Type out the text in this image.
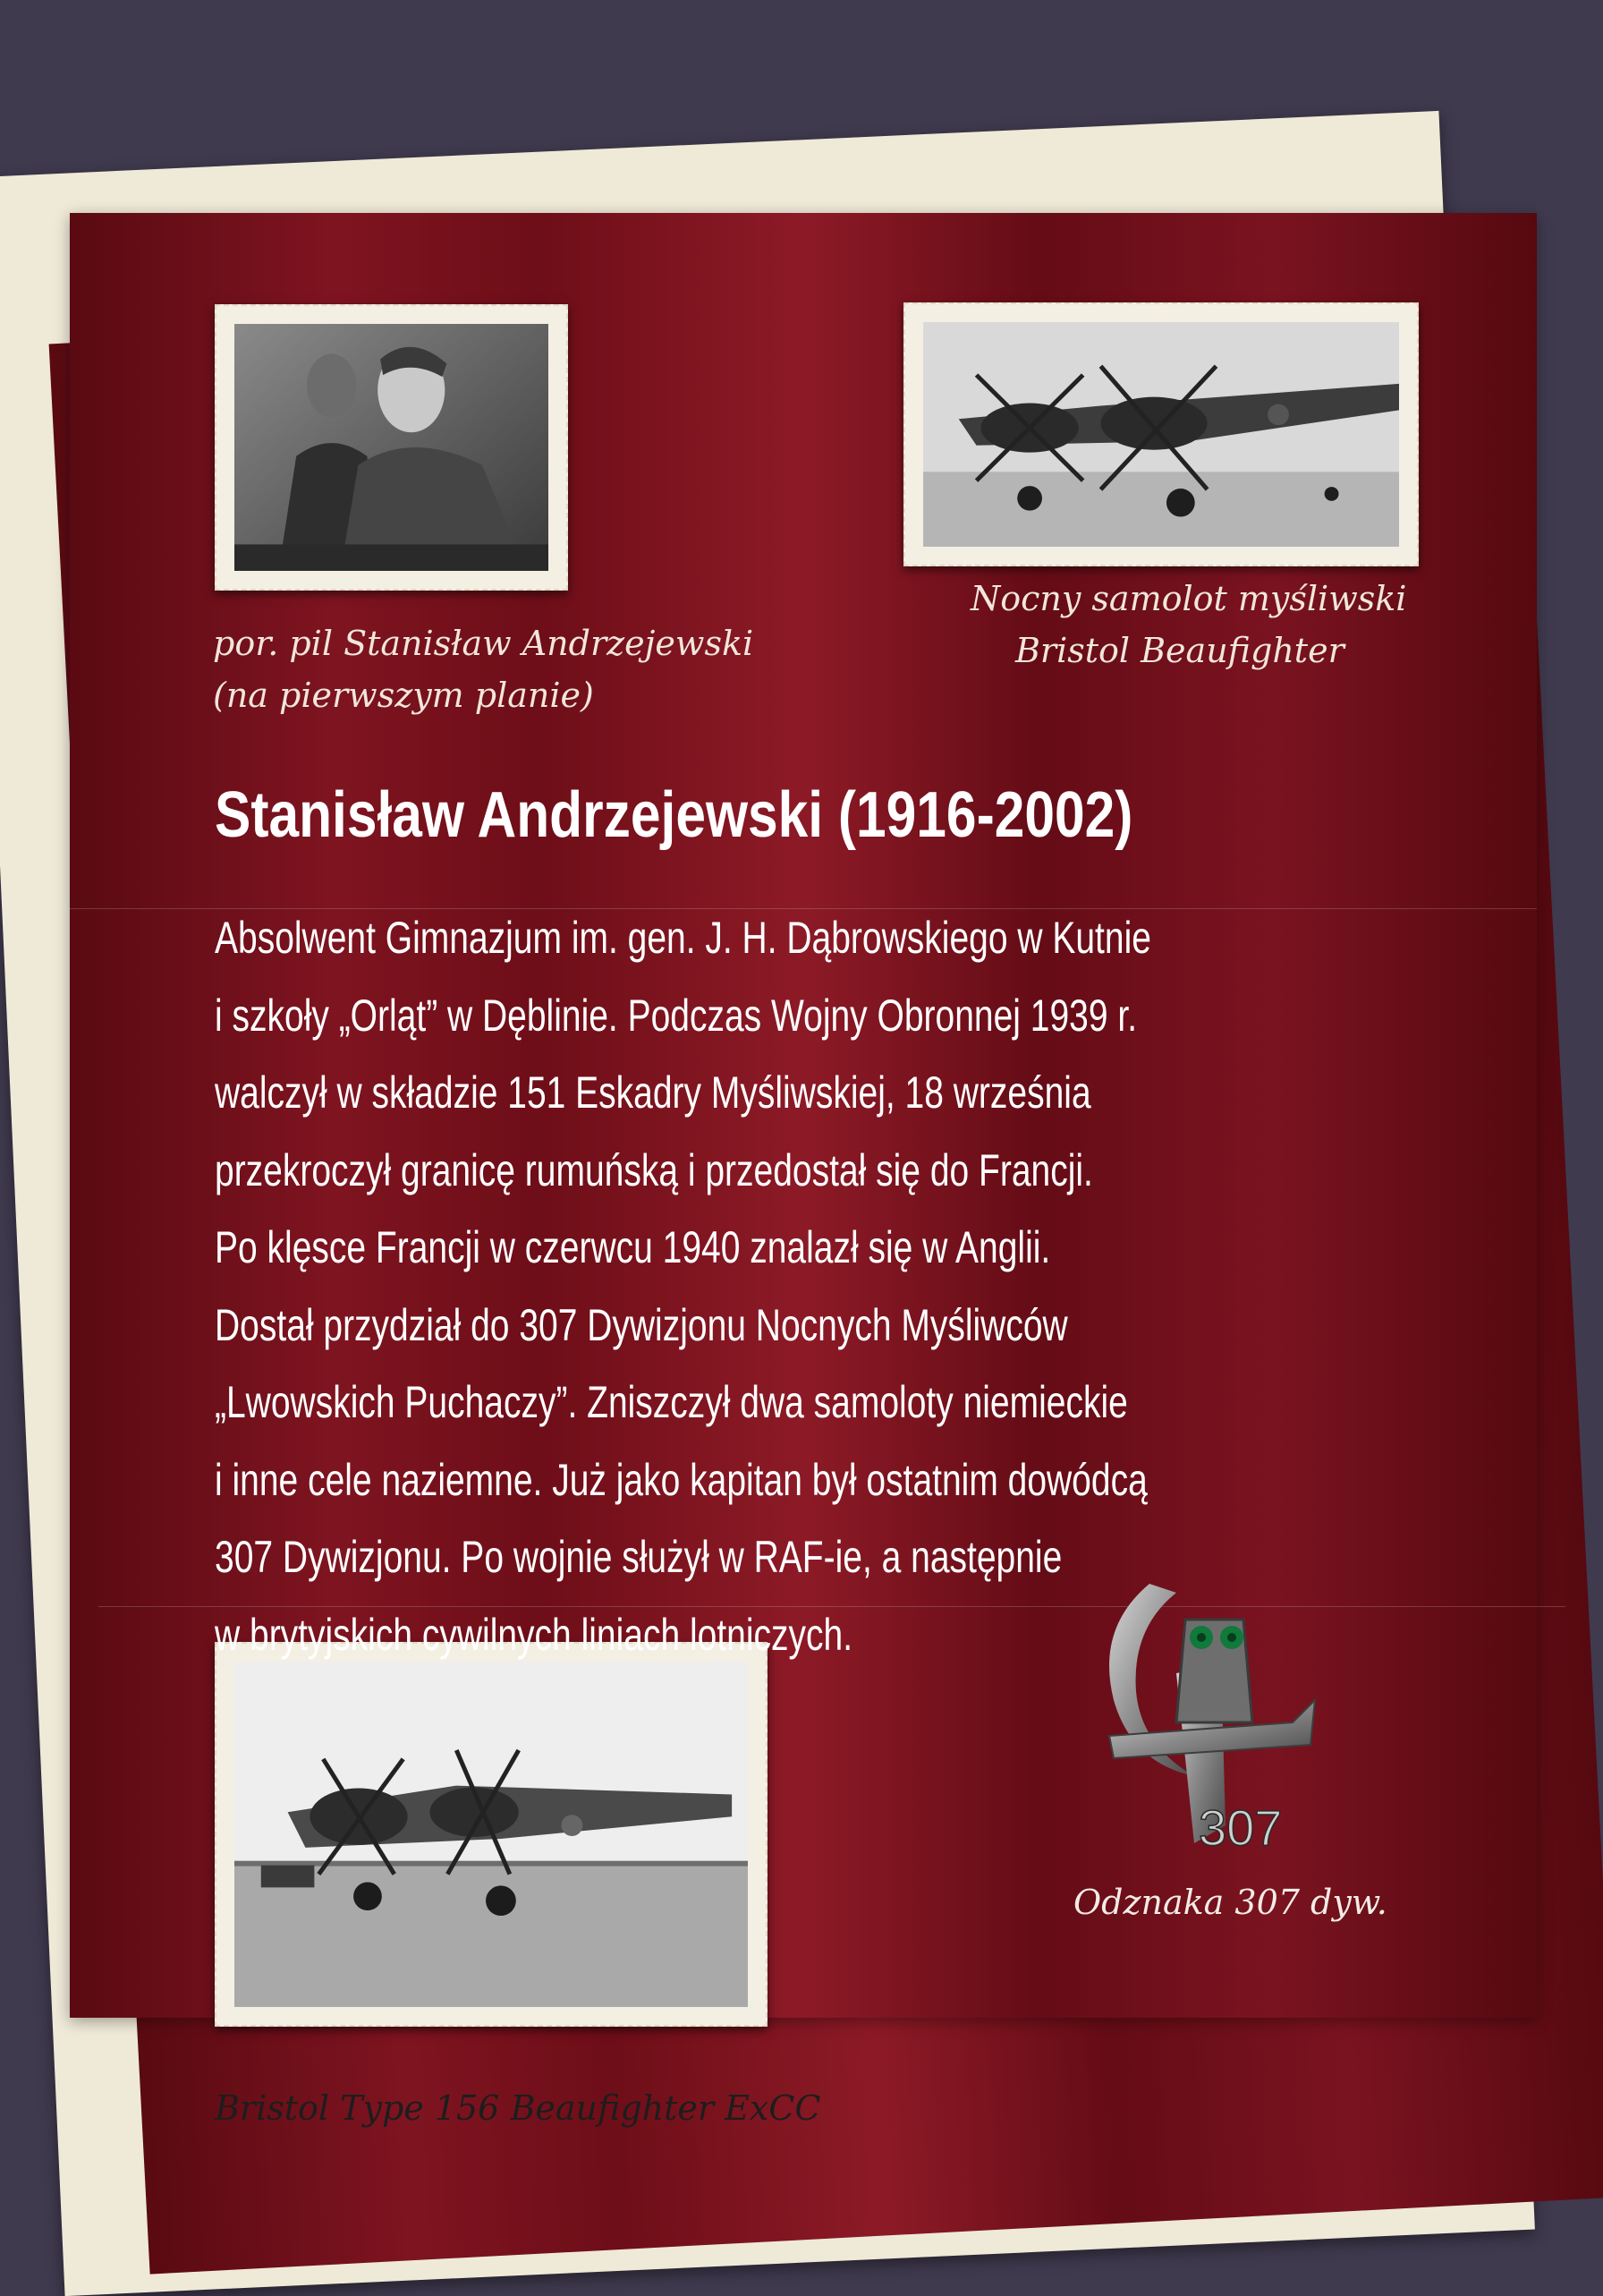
307
por. pil Stanisław Andrzejewski
(na pierwszym planie)
Nocny samolot myśliwski
Bristol Beaufighter
Bristol Type 156 Beaufighter ExCC
Odznaka 307 dyw.
Stanisław Andrzejewski (1916-2002)
Absolwent Gimnazjum im. gen. J. H. Dąbrowskiego w Kutnie
i szkoły „Orląt” w Dęblinie. Podczas Wojny Obronnej 1939 r.
walczył w składzie 151 Eskadry Myśliwskiej, 18 września
przekroczył granicę rumuńską i przedostał się do Francji.
Po klęsce Francji w czerwcu 1940 znalazł się w Anglii.
Dostał przydział do 307 Dywizjonu Nocnych Myśliwców
„Lwowskich Puchaczy”. Zniszczył dwa samoloty niemieckie
i inne cele naziemne. Już jako kapitan był ostatnim dowódcą
307 Dywizjonu. Po wojnie służył w RAF-ie, a następnie
w brytyjskich cywilnych liniach lotniczych.
